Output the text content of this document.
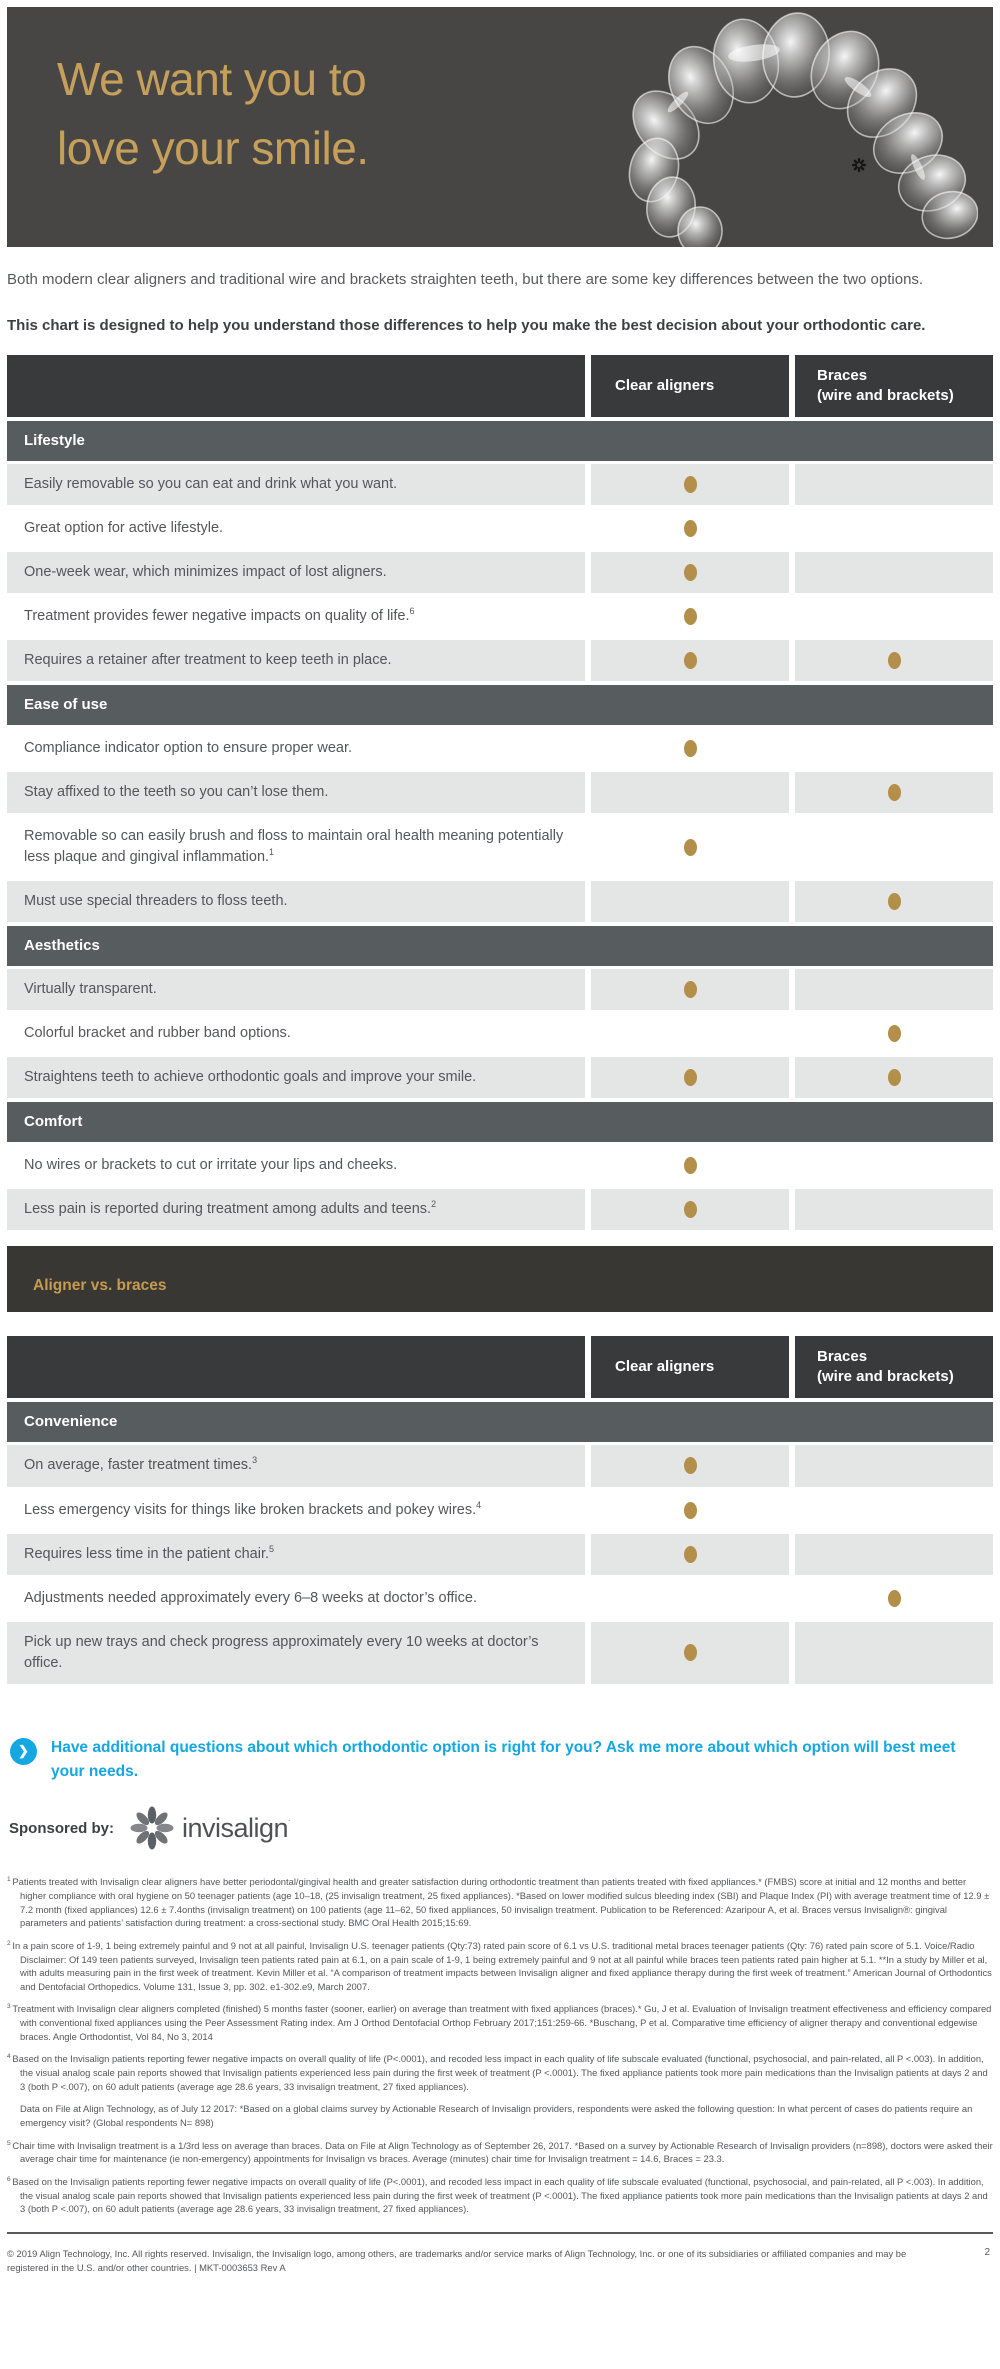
We want you to
love your smile.

Both modern clear aligners and traditional wire and brackets straighten teeth, but there are some key differences between the two options.

This chart is designed to help you understand those differences to help you make the best decision about your orthodontic care.

Clear aligners
Braces
(wire and brackets)
Lifestyle
Easily removable so you can eat and drink what you want.
Great option for active lifestyle.
One-week wear, which minimizes impact of lost aligners.
Treatment provides fewer negative impacts on quality of life.$^6$
Requires a retainer after treatment to keep teeth in place.
Ease of use
Compliance indicator option to ensure proper wear.
Stay affixed to the teeth so you can’t lose them.
Removable so can easily brush and floss to maintain oral health meaning potentially less plaque and gingival inflammation.$^1$
Must use special threaders to floss teeth.
Aesthetics
Virtually transparent.
Colorful bracket and rubber band options.
Straightens teeth to achieve orthodontic goals and improve your smile.
Comfort
No wires or brackets to cut or irritate your lips and cheeks.
Less pain is reported during treatment among adults and teens.$^2$
Aligner vs. braces
Clear aligners
Braces
(wire and brackets)
Convenience
On average, faster treatment times.$^3$
Less emergency visits for things like broken brackets and pokey wires.$^4$
Requires less time in the patient chair.$^5$
Adjustments needed approximately every 6–8 weeks at doctor’s office.
Pick up new trays and check progress approximately every 10 weeks at doctor’s office.
❯	Have additional questions about which orthodontic option is right for you? Ask me more about which option will best meet your needs.
Sponsored by:	invisalign˙

$^1$ Patients treated with Invisalign clear aligners have better periodontal/gingival health and greater satisfaction during orthodontic treatment than patients treated with fixed appliances.* (FMBS) score at initial and 12 months and better higher compliance with oral hygiene on 50 teenager patients (age 10–18, (25 invisalign treatment, 25 fixed appliances). *Based on lower modified sulcus bleeding index (SBI) and Plaque Index (PI) with average treatment time of 12.9 ± 7.2 month (fixed appliances) 12.6 ± 7.4onths (invisalign treatment) on 100 patients (age 11–62, 50 fixed appliances, 50 invisalign treatment. Publication to be Referenced: Azaripour A, et al. Braces versus Invisalign®: gingival parameters and patients’ satisfaction during treatment: a cross-sectional study. BMC Oral Health 2015;15:69.

$^2$ In a pain score of 1-9, 1 being extremely painful and 9 not at all painful, Invisalign U.S. teenager patients (Qty:73) rated pain score of 6.1 vs U.S. traditional metal braces teenager patients (Qty: 76) rated pain score of 5.1. Voice/Radio Disclaimer: Of 149 teen patients surveyed, Invisalign teen patients rated pain at 6.1, on a pain scale of 1-9, 1 being extremely painful and 9 not at all painful while braces teen patients rated pain higher at 5.1. **In a study by Miller et al, with adults measuring pain in the first week of treatment. Kevin Miller et al. “A comparison of treatment impacts between Invisalign aligner and fixed appliance therapy during the first week of treatment.” American Journal of Orthodontics and Dentofacial Orthopedics. Volume 131, Issue 3, pp. 302. e1-302.e9, March 2007.

$^3$ Treatment with Invisalign clear aligners completed (finished) 5 months faster (sooner, earlier) on average than treatment with fixed appliances (braces).* Gu, J et al. Evaluation of Invisalign treatment effectiveness and efficiency compared with conventional fixed appliances using the Peer Assessment Rating index. Am J Orthod Dentofacial Orthop February 2017;151:259-66. *Buschang, P et al. Comparative time efficiency of aligner therapy and conventional edgewise braces. Angle Orthodontist, Vol 84, No 3, 2014

$^4$ Based on the Invisalign patients reporting fewer negative impacts on overall quality of life (P<.0001), and recoded less impact in each quality of life subscale evaluated (functional, psychosocial, and pain-related, all P <.003). In addition, the visual analog scale pain reports showed that Invisalign patients experienced less pain during the first week of treatment (P <.0001). The fixed appliance patients took more pain medications than the Invisalign patients at days 2 and 3 (both P <.007), on 60 adult patients (average age 28.6 years, 33 invisalign treatment, 27 fixed appliances).

Data on File at Align Technology, as of July 12 2017: *Based on a global claims survey by Actionable Research of Invisalign providers, respondents were asked the following question: In what percent of cases do patients require an emergency visit? (Global respondents N= 898)

$^5$ Chair time with Invisalign treatment is a 1/3rd less on average than braces. Data on File at Align Technology as of September 26, 2017. *Based on a survey by Actionable Research of Invisalign providers (n=898), doctors were asked their average chair time for maintenance (ie non-emergency) appointments for Invisalign vs braces. Average (minutes) chair time for Invisalign treatment = 14.6, Braces = 23.3.

$^6$ Based on the Invisalign patients reporting fewer negative impacts on overall quality of life (P<.0001), and recoded less impact in each quality of life subscale evaluated (functional, psychosocial, and pain-related, all P <.003). In addition, the visual analog scale pain reports showed that Invisalign patients experienced less pain during the first week of treatment (P <.0001). The fixed appliance patients took more pain medications than the Invisalign patients at days 2 and 3 (both P <.007), on 60 adult patients (average age 28.6 years, 33 invisalign treatment, 27 fixed appliances).

© 2019 Align Technology, Inc. All rights reserved. Invisalign, the Invisalign logo, among others, are trademarks and/or service marks of Align Technology, Inc. or one of its subsidiaries or affiliated companies and may be registered in the U.S. and/or other countries. | MKT-0003653 Rev A
2
